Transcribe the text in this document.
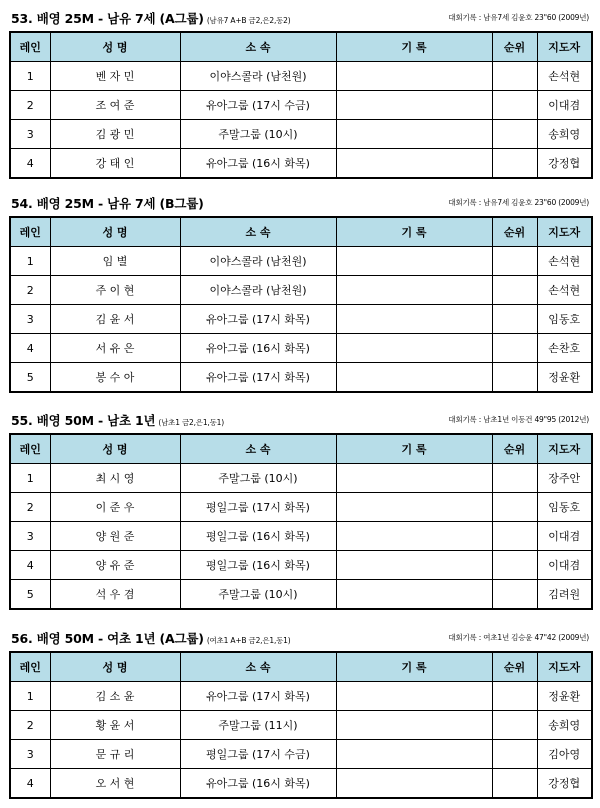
53. 배영 25M - 남유 7세 (A그룹) (남유7 A+B 금2,은2,동2)	대회기록 : 남유7세 김윤호 23"60 (2009년)
레인	성 명	소 속	기 록	순위	지도자
1	벤 자 민	이야스콜라 (남천원)			손석현
2	조 여 준	유아그룹 (17시 수금)			이대겸
3	김 광 민	주말그룹 (10시)			송희영
4	강 태 인	유아그룹 (16시 화목)			강정협
54. 배영 25M - 남유 7세 (B그룹)	대회기록 : 남유7세 김윤호 23"60 (2009년)
레인	성 명	소 속	기 록	순위	지도자
1	임 별	이야스콜라 (남천원)			손석현
2	주 이 현	이야스콜라 (남천원)			손석현
3	김 윤 서	유아그룹 (17시 화목)			임동호
4	서 유 은	유아그룹 (16시 화목)			손찬호
5	봉 수 아	유아그룹 (17시 화목)			정윤환
55. 배영 50M - 남초 1년 (남초1 금2,은1,동1)	대회기록 : 남초1년 이동건 49"95 (2012년)
레인	성 명	소 속	기 록	순위	지도자
1	최 시 영	주말그룹 (10시)			장주안
2	이 준 우	평일그룹 (17시 화목)			임동호
3	양 원 준	평일그룹 (16시 화목)			이대겸
4	양 유 준	평일그룹 (16시 화목)			이대겸
5	석 우 겸	주말그룹 (10시)			김려원
56. 배영 50M - 여초 1년 (A그룹) (여초1 A+B 금2,은1,동1)	대회기록 : 여초1년 김승윤 47"42 (2009년)
레인	성 명	소 속	기 록	순위	지도자
1	김 소 윤	유아그룹 (17시 화목)			정윤환
2	황 윤 서	주말그룹 (11시)			송희영
3	문 규 리	평일그룹 (17시 수금)			김아영
4	오 서 현	유아그룹 (16시 화목)			강정협
